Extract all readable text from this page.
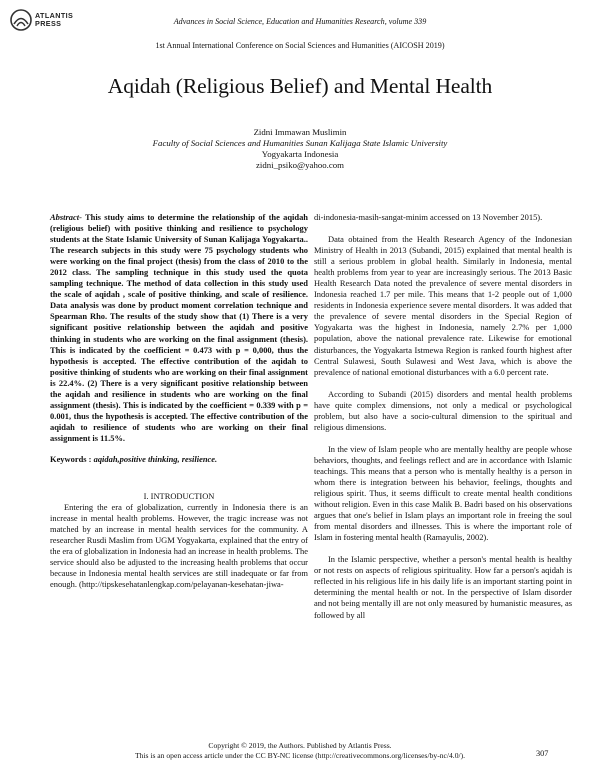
ATLANTIS
PRESS	Advances in Social Science, Education and Humanities Research, volume 339
1st Annual International Conference on Social Sciences and Humanities (AICOSH 2019)
Aqidah (Religious Belief) and Mental Health
Zidni Immawan Muslimin
Faculty of Social Sciences and Humanities Sunan Kalijaga State Islamic University
Yogyakarta Indonesia
zidni_psiko@yahoo.com

Abstract- This study aims to determine the relationship of the aqidah (religious belief) with positive thinking and resilience to psychology students at the State Islamic University of Sunan Kalijaga Yogyakarta.. The research subjects in this study were 75 psychology students who were working on the final project (thesis) from the class of 2010 to the 2012 class. The sampling technique in this study used the quota sampling technique. The method of data collection in this study used the scale of aqidah , scale of positive thinking, and scale of resilience. Data analysis was done by product moment correlation technique and Spearman Rho. The results of the study show that (1) There is a very significant positive relationship between the aqidah and positive thinking in students who are working on the final assignment (thesis). This is indicated by the coefficient = 0.473 with p = 0,000, thus the hypothesis is accepted. The effective contribution of the aqidah to positive thinking of students who are working on their final assignment is 22.4%. (2) There is a very significant positive relationship between the aqidah and resilience in students who are working on the final assignment (thesis). This is indicated by the coefficient = 0.339 with p = 0.001, thus the hypothesis is accepted. The effective contribution of the aqidah to resilience of students who are working on their final assignment is 11.5%.

Keywords : aqidah,positive thinking, resilience.

I. INTRODUCTION

Entering the era of globalization, currently in Indonesia there is an increase in mental health problems. However, the tragic increase was not matched by an increase in mental health services for the community. A researcher Rusdi Maslim from UGM Yogyakarta, explained that the entry of the era of globalization in Indonesia had an increase in health problems. The service should also be adjusted to the increasing health problems that occur because in Indonesia mental health services are still inadequate or far from enough. (http://tipskesehatanlengkap.com/pelayanan-kesehatan-jiwa-

di-indonesia-masih-sangat-minim accessed on 13 November 2015).

Data obtained from the Health Research Agency of the Indonesian Ministry of Health in 2013 (Subandi, 2015) explained that mental health is still a serious problem in global health. Similarly in Indonesia, mental health problems from year to year are increasingly serious. The 2013 Basic Health Research Data noted the prevalence of severe mental disorders in Indonesia reached 1.7 per mile. This means that 1-2 people out of 1,000 residents in Indonesia experience severe mental disorders. It was added that the prevalence of severe mental disorders in the Special Region of Yogyakarta was the highest in Indonesia, namely 2.7% per 1,000 population, above the national prevalence rate. Likewise for emotional disturbances, the Yogyakarta Istmewa Region is ranked fourth highest after Central Sulawesi, South Sulawesi and West Java, which is above the prevalence of national emotional disturbances with a 6.0 percent rate.

According to Subandi (2015) disorders and mental health problems have quite complex dimensions, not only a medical or psychological problem, but also have a socio-cultural dimension to the spiritual and religious dimensions.

In the view of Islam people who are mentally healthy are people whose behaviors, thoughts, and feelings reflect and are in accordance with Islamic teachings. This means that a person who is mentally healthy is a person in whom there is integration between his behavior, feelings, thoughts and religious spirit. Thus, it seems difficult to create mental health conditions without religion. Even in this case Malik B. Badri based on his observations argues that one's belief in Islam plays an important role in freeing the soul from mental disorders and illnesses. This is where the important role of Islam in fostering mental health (Ramayulis, 2002).

In the Islamic perspective, whether a person's mental health is healthy or not rests on aspects of religious spirituality. How far a person's aqidah is reflected in his religious life in his daily life is an important starting point in determining the mental health or not. In the perspective of Islam disorder and not being mentally ill are not only measured by humanistic measures, as followed by all

Copyright © 2019, the Authors. Published by Atlantis Press.
This is an open access article under the CC BY-NC license (http://creativecommons.org/licenses/by-nc/4.0/).	307
